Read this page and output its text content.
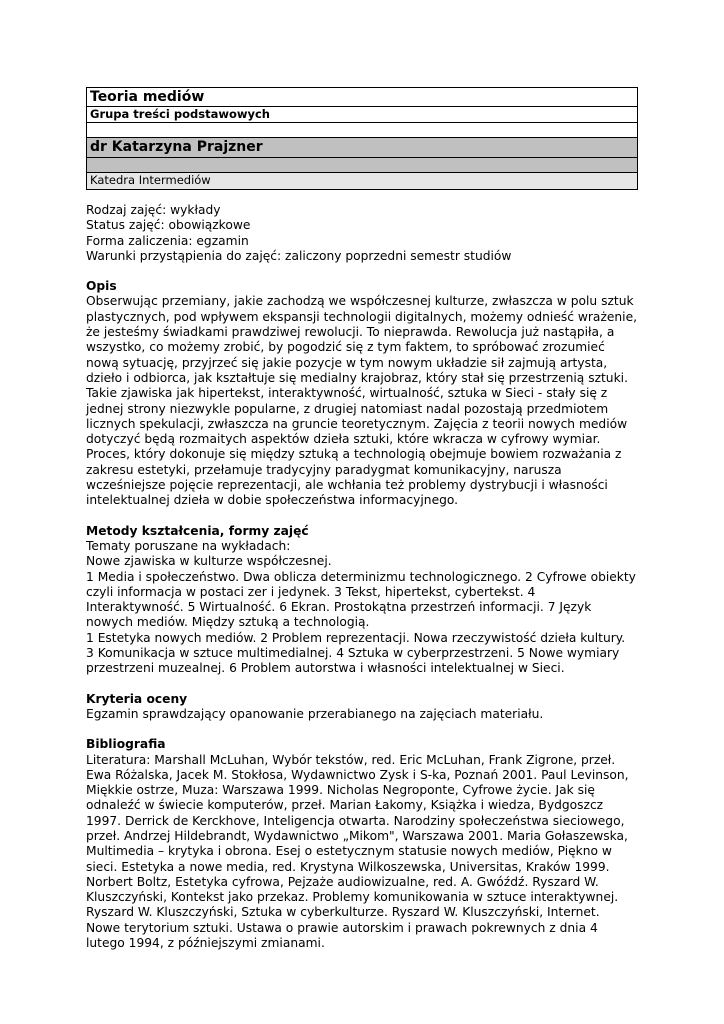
Teoria mediów
Grupa treści podstawowych
dr Katarzyna Prajzner
Katedra Intermediów

Rodzaj zajęć: wykłady

Status zajęć: obowiązkowe

Forma zaliczenia: egzamin

Warunki przystąpienia do zajęć: zaliczony poprzedni semestr studiów

Opis

Obserwując przemiany, jakie zachodzą we współczesnej kulturze, zwłaszcza w polu sztuk

plastycznych, pod wpływem ekspansji technologii digitalnych, możemy odnieść wrażenie,

że jesteśmy świadkami prawdziwej rewolucji. To nieprawda. Rewolucja już nastąpiła, a

wszystko, co możemy zrobić, by pogodzić się z tym faktem, to spróbować zrozumieć

nową sytuację, przyjrzeć się jakie pozycje w tym nowym układzie sił zajmują artysta,

dzieło i odbiorca, jak kształtuje się medialny krajobraz, który stał się przestrzenią sztuki.

Takie zjawiska jak hipertekst, interaktywność, wirtualność, sztuka w Sieci - stały się z

jednej strony niezwykle popularne, z drugiej natomiast nadal pozostają przedmiotem

licznych spekulacji, zwłaszcza na gruncie teoretycznym. Zajęcia z teorii nowych mediów

dotyczyć będą rozmaitych aspektów dzieła sztuki, które wkracza w cyfrowy wymiar.

Proces, który dokonuje się między sztuką a technologią obejmuje bowiem rozważania z

zakresu estetyki, przełamuje tradycyjny paradygmat komunikacyjny, narusza

wcześniejsze pojęcie reprezentacji, ale wchłania też problemy dystrybucji i własności

intelektualnej dzieła w dobie społeczeństwa informacyjnego.

Metody kształcenia, formy zajęć

Tematy poruszane na wykładach:

Nowe zjawiska w kulturze współczesnej.

1 Media i społeczeństwo. Dwa oblicza determinizmu technologicznego. 2 Cyfrowe obiekty

czyli informacja w postaci zer i jedynek. 3 Tekst, hipertekst, cybertekst. 4

Interaktywność. 5 Wirtualność. 6 Ekran. Prostokątna przestrzeń informacji. 7 Język

nowych mediów. Między sztuką a technologią.

1 Estetyka nowych mediów. 2 Problem reprezentacji. Nowa rzeczywistość dzieła kultury.

3 Komunikacja w sztuce multimedialnej. 4 Sztuka w cyberprzestrzeni. 5 Nowe wymiary

przestrzeni muzealnej. 6 Problem autorstwa i własności intelektualnej w Sieci.

Kryteria oceny

Egzamin sprawdzający opanowanie przerabianego na zajęciach materiału.

Bibliografia

Literatura: Marshall McLuhan, Wybór tekstów, red. Eric McLuhan, Frank Zigrone, przeł.

Ewa Różalska, Jacek M. Stokłosa, Wydawnictwo Zysk i S-ka, Poznań 2001. Paul Levinson,

Miękkie ostrze, Muza: Warszawa 1999. Nicholas Negroponte, Cyfrowe życie. Jak się

odnaleźć w świecie komputerów, przeł. Marian Łakomy, Książka i wiedza, Bydgoszcz

1997. Derrick de Kerckhove, Inteligencja otwarta. Narodziny społeczeństwa sieciowego,

przeł. Andrzej Hildebrandt, Wydawnictwo „Mikom", Warszawa 2001. Maria Gołaszewska,

Multimedia – krytyka i obrona. Esej o estetycznym statusie nowych mediów, Piękno w

sieci. Estetyka a nowe media, red. Krystyna Wilkoszewska, Universitas, Kraków 1999.

Norbert Boltz, Estetyka cyfrowa, Pejzaże audiowizualne, red. A. Gwóźdź. Ryszard W.

Kluszczyński, Kontekst jako przekaz. Problemy komunikowania w sztuce interaktywnej.

Ryszard W. Kluszczyński, Sztuka w cyberkulturze. Ryszard W. Kluszczyński, Internet.

Nowe terytorium sztuki. Ustawa o prawie autorskim i prawach pokrewnych z dnia 4

lutego 1994, z późniejszymi zmianami.
